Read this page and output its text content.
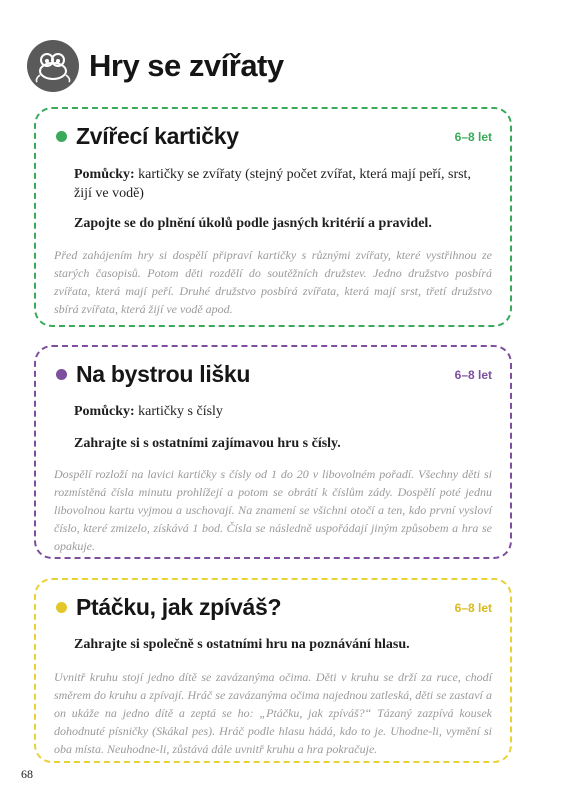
Hry se zvířaty
Zvířecí kartičky	6–8 let
Pomůcky: kartičky se zvířaty (stejný počet zvířat, která mají peří, srst, žijí ve vodě)
Zapojte se do plnění úkolů podle jasných kritérií a pravidel.
Před zahájením hry si dospělí připraví kartičky s různými zvířaty, které vystřihnou ze starých časopisů. Potom děti rozdělí do soutěžních družstev. Jedno družstvo posbírá zvířata, která mají peří. Druhé družstvo posbírá zvířata, která mají srst, třetí družstvo sbírá zvířata, která žijí ve vodě apod.
Na bystrou lišku	6–8 let
Pomůcky: kartičky s čísly
Zahrajte si s ostatními zajímavou hru s čísly.
Dospělí rozloží na lavici kartičky s čísly od 1 do 20 v libovolném pořadí. Všechny děti si rozmístěná čísla minutu prohlížejí a potom se obrátí k číslům zády. Dospělí poté jednu libovolnou kartu vyjmou a uschovají. Na znamení se všichni otočí a ten, kdo první vysloví číslo, které zmizelo, získává 1 bod. Čísla se následně uspořádají jiným způsobem a hra se opakuje.
Ptáčku, jak zpíváš?	6–8 let
Zahrajte si společně s ostatními hru na poznávání hlasu.
Uvnitř kruhu stojí jedno dítě se zavázanýma očima. Děti v kruhu se drží za ruce, chodí směrem do kruhu a zpívají. Hráč se zavázanýma očima najednou zatleská, děti se zastaví a on ukáže na jedno dítě a zeptá se ho: „Ptáčku, jak zpíváš?“ Tázaný zazpívá kousek dohodnuté písničky (Skákal pes). Hráč podle hlasu hádá, kdo to je. Uhodne-li, vymění si oba místa. Neuhodne-li, zůstává dále uvnitř kruhu a hra pokračuje.
68
